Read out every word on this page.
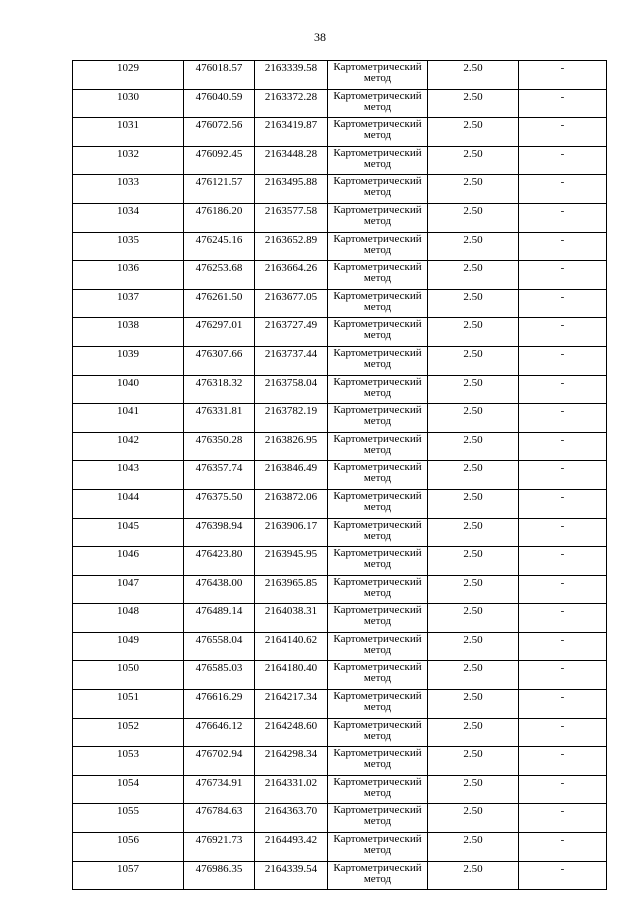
38
1029	476018.57	2163339.58	Картометрический
метод	2.50	-
1030	476040.59	2163372.28	Картометрический
метод	2.50	-
1031	476072.56	2163419.87	Картометрический
метод	2.50	-
1032	476092.45	2163448.28	Картометрический
метод	2.50	-
1033	476121.57	2163495.88	Картометрический
метод	2.50	-
1034	476186.20	2163577.58	Картометрический
метод	2.50	-
1035	476245.16	2163652.89	Картометрический
метод	2.50	-
1036	476253.68	2163664.26	Картометрический
метод	2.50	-
1037	476261.50	2163677.05	Картометрический
метод	2.50	-
1038	476297.01	2163727.49	Картометрический
метод	2.50	-
1039	476307.66	2163737.44	Картометрический
метод	2.50	-
1040	476318.32	2163758.04	Картометрический
метод	2.50	-
1041	476331.81	2163782.19	Картометрический
метод	2.50	-
1042	476350.28	2163826.95	Картометрический
метод	2.50	-
1043	476357.74	2163846.49	Картометрический
метод	2.50	-
1044	476375.50	2163872.06	Картометрический
метод	2.50	-
1045	476398.94	2163906.17	Картометрический
метод	2.50	-
1046	476423.80	2163945.95	Картометрический
метод	2.50	-
1047	476438.00	2163965.85	Картометрический
метод	2.50	-
1048	476489.14	2164038.31	Картометрический
метод	2.50	-
1049	476558.04	2164140.62	Картометрический
метод	2.50	-
1050	476585.03	2164180.40	Картометрический
метод	2.50	-
1051	476616.29	2164217.34	Картометрический
метод	2.50	-
1052	476646.12	2164248.60	Картометрический
метод	2.50	-
1053	476702.94	2164298.34	Картометрический
метод	2.50	-
1054	476734.91	2164331.02	Картометрический
метод	2.50	-
1055	476784.63	2164363.70	Картометрический
метод	2.50	-
1056	476921.73	2164493.42	Картометрический
метод	2.50	-
1057	476986.35	2164339.54	Картометрический
метод	2.50	-
